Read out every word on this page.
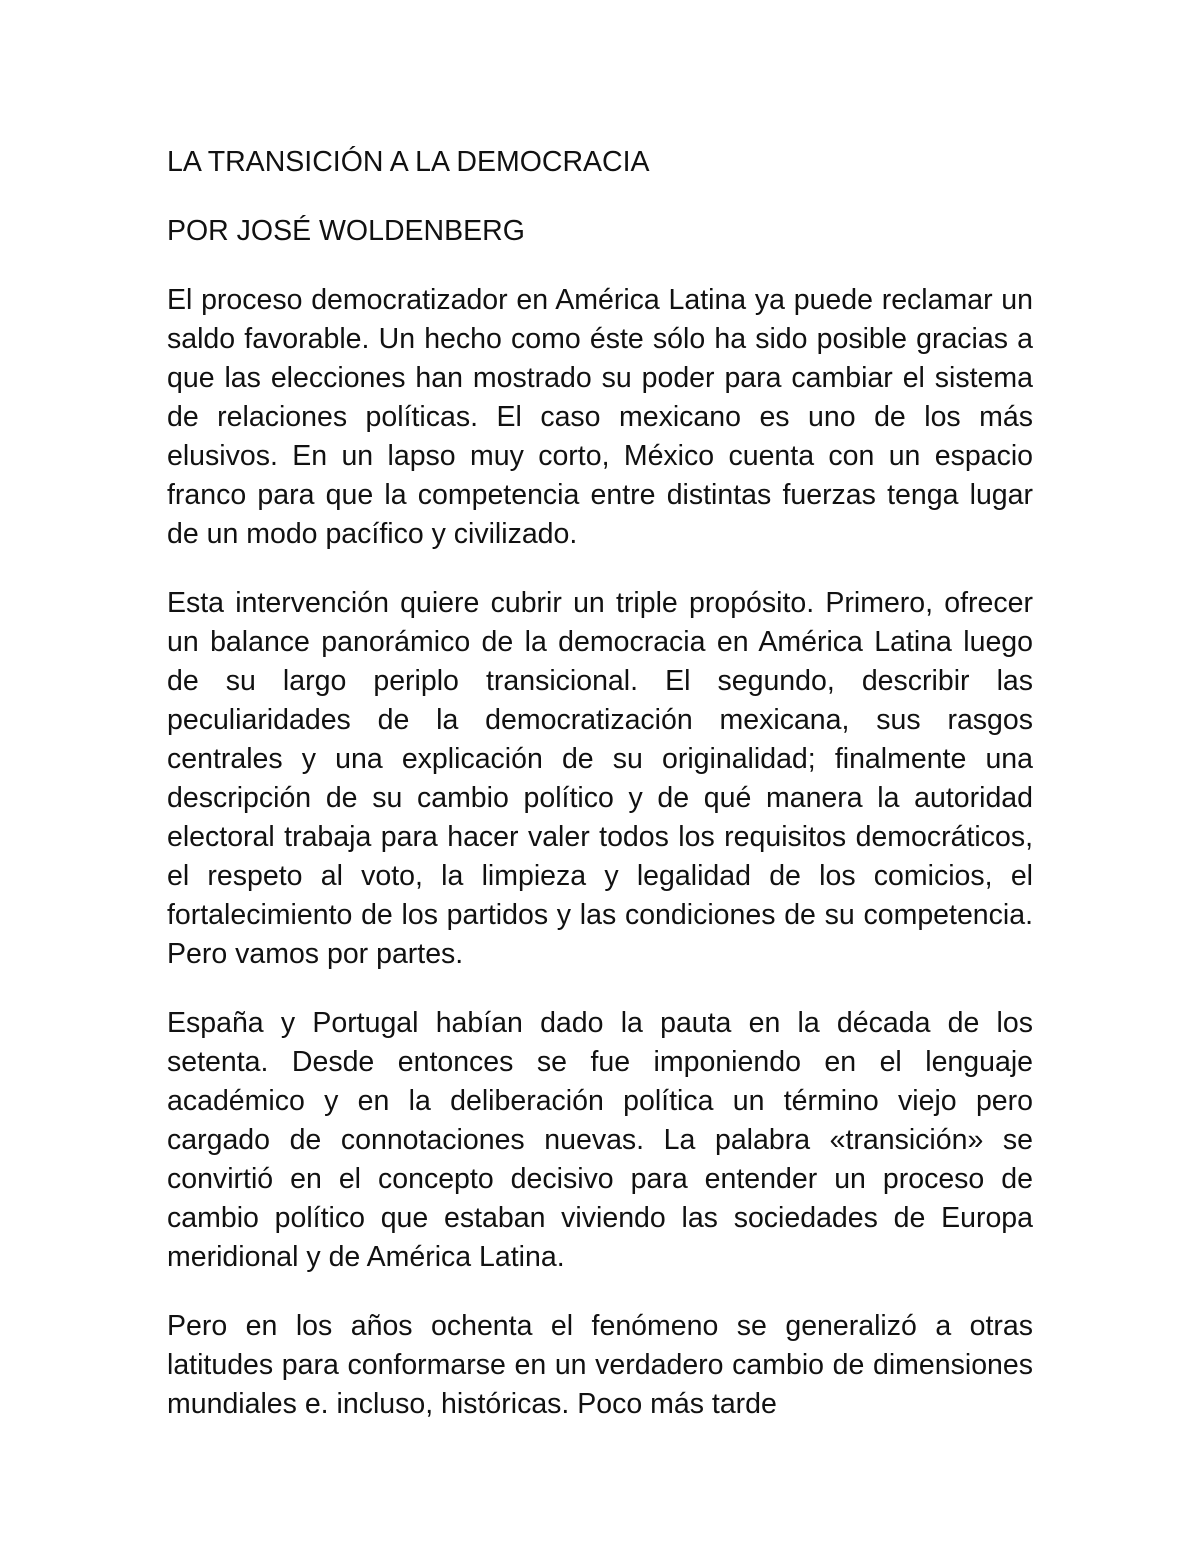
LA TRANSICIÓN A LA DEMOCRACIA
POR JOSÉ WOLDENBERG

El proceso democratizador en América Latina ya puede reclamar un saldo favorable. Un hecho como éste sólo ha sido posible gracias a que las elecciones han mostrado su poder para cambiar el sistema de relaciones políticas. El caso mexicano es uno de los más elusivos. En un lapso muy corto, México cuenta con un espacio franco para que la competencia entre distintas fuerzas tenga lugar de un modo pacífico y civilizado.

Esta intervención quiere cubrir un triple propósito. Primero, ofrecer un balance panorámico de la democracia en América Latina luego de su largo periplo transicional. El segundo, describir las peculiaridades de la democratización mexicana, sus rasgos centrales y una explicación de su originalidad; finalmente una descripción de su cambio político y de qué manera la autoridad electoral trabaja para hacer valer todos los requisitos democráticos, el respeto al voto, la limpieza y legalidad de los comicios, el fortalecimiento de los partidos y las condiciones de su competencia. Pero vamos por partes.

España y Portugal habían dado la pauta en la década de los setenta. Desde entonces se fue imponiendo en el lenguaje académico y en la deliberación política un término viejo pero cargado de connotaciones nuevas. La palabra «transición» se convirtió en el concepto decisivo para entender un proceso de cambio político que estaban viviendo las sociedades de Europa meridional y de América Latina.

Pero en los años ochenta el fenómeno se generalizó a otras latitudes para conformarse en un verdadero cambio de dimensiones mundiales e. incluso, históricas. Poco más tarde
